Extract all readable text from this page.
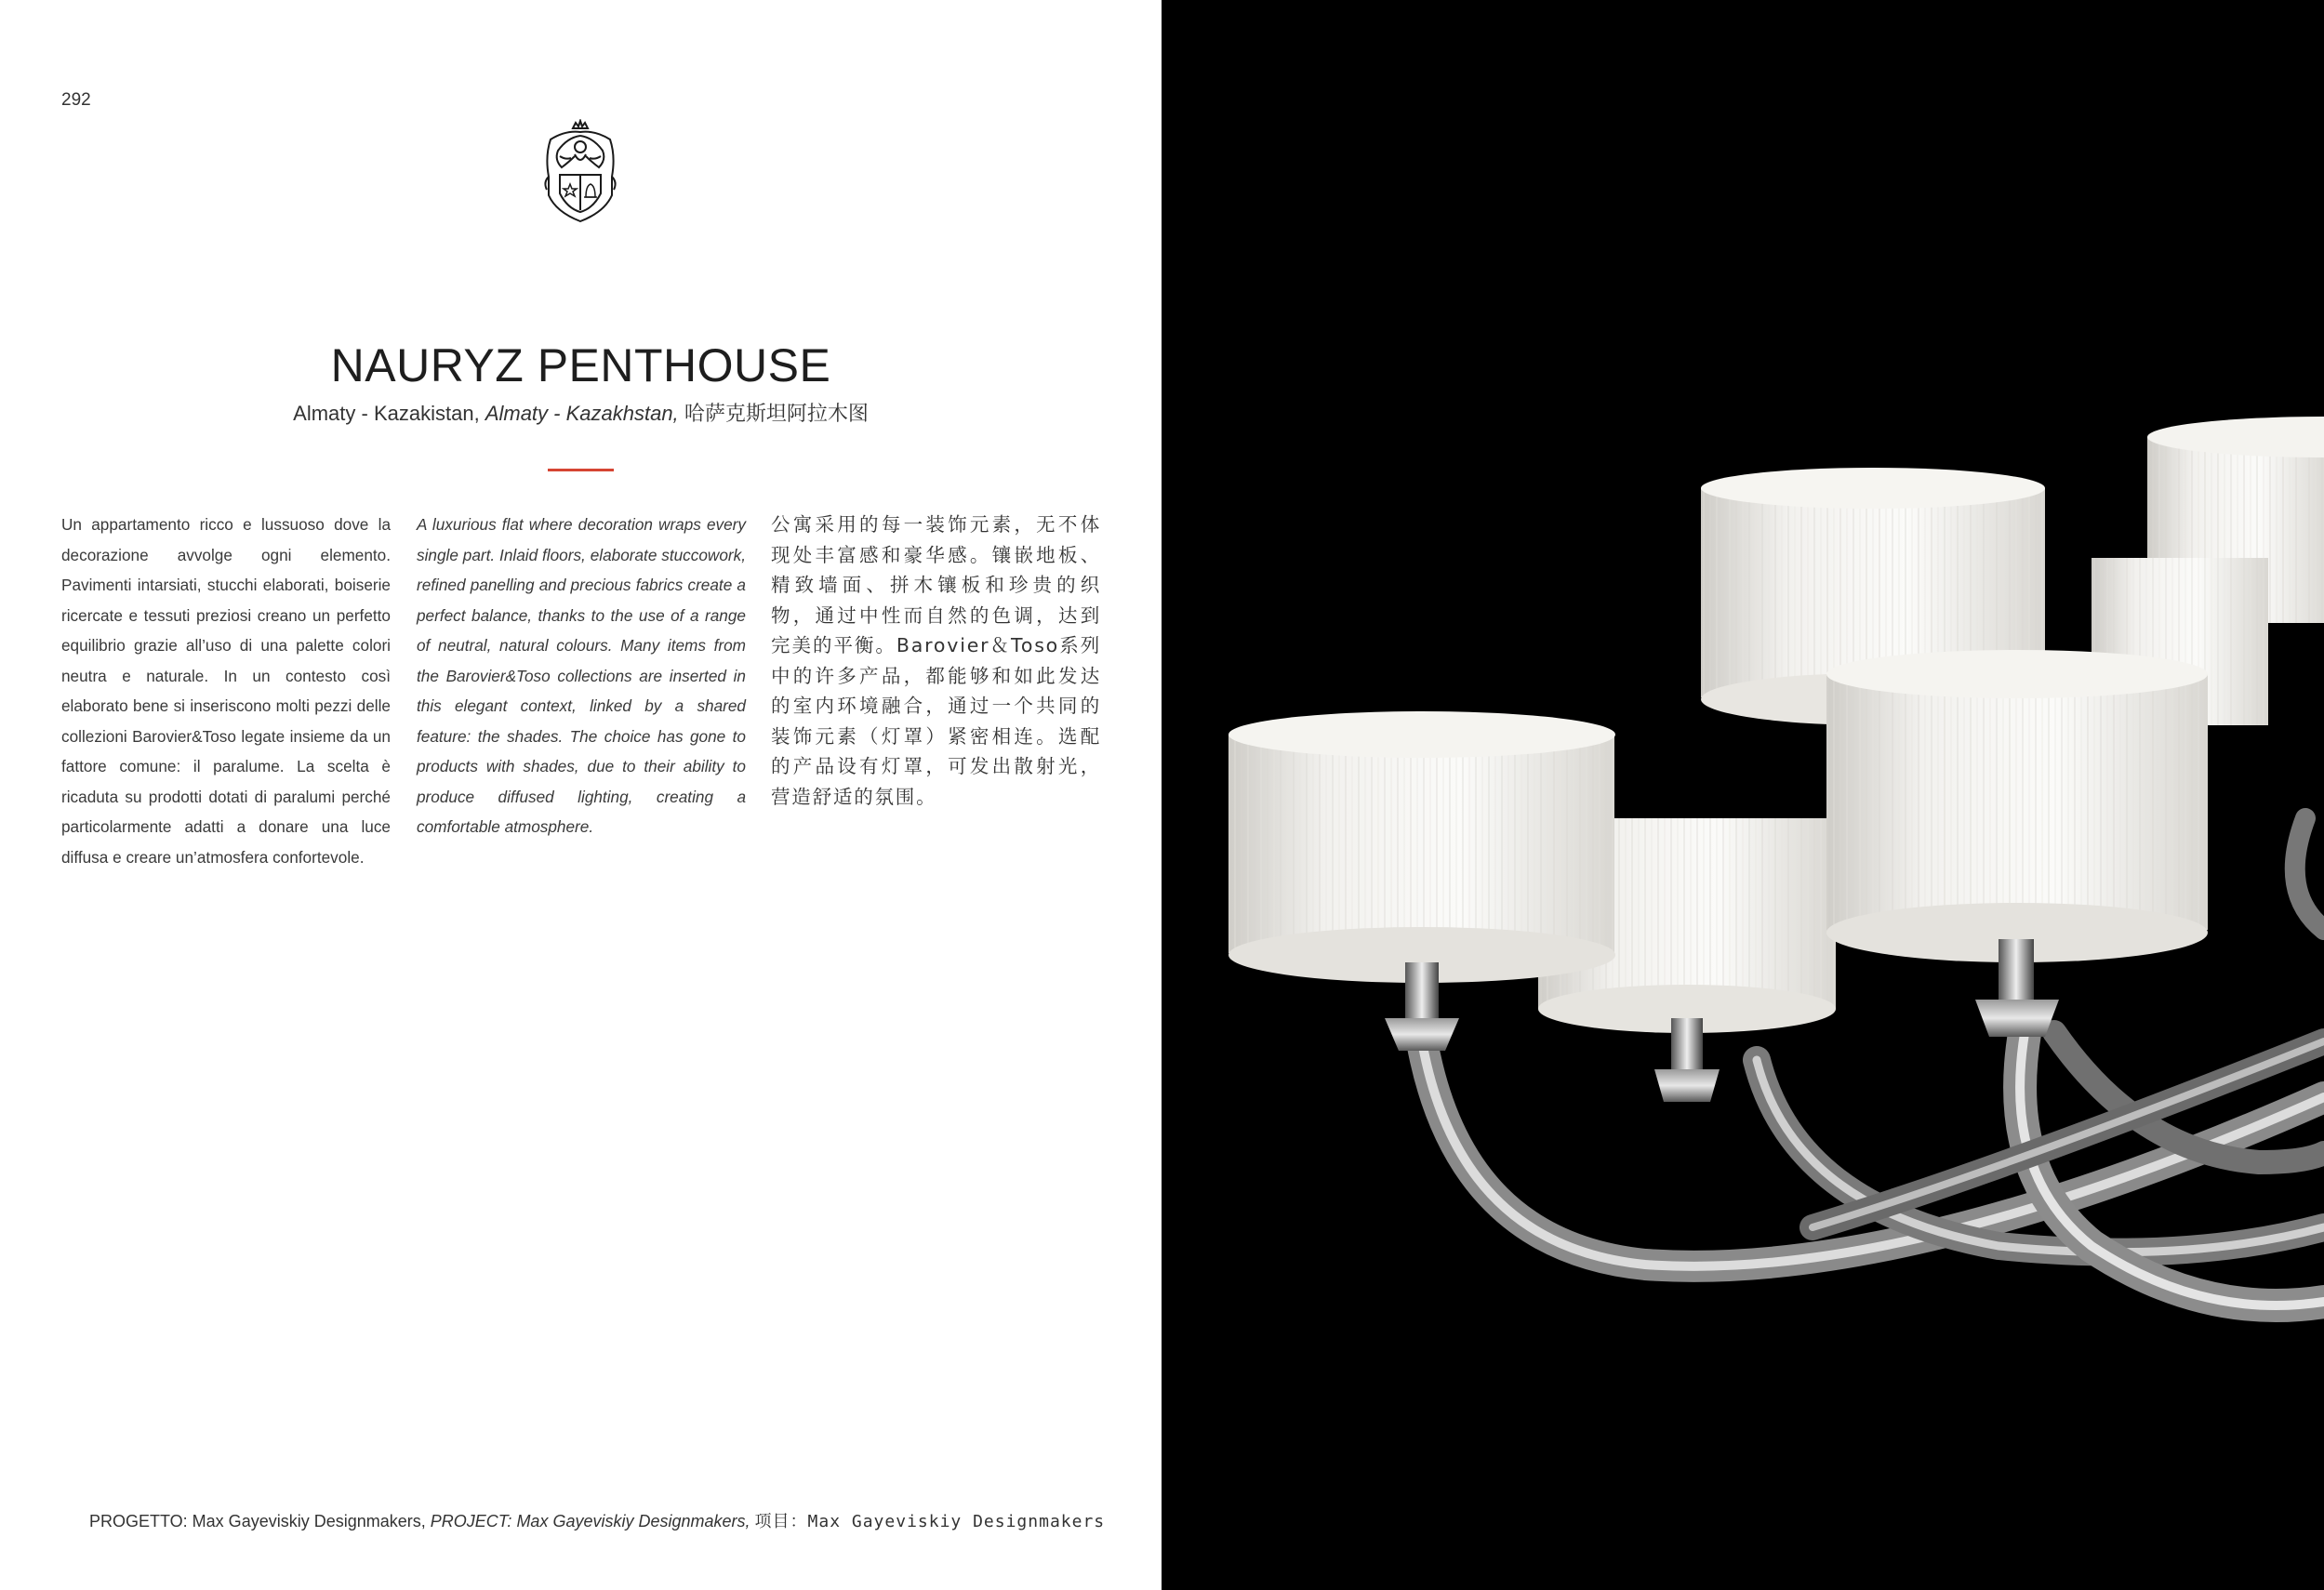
292
NAURYZ PENTHOUSE
Almaty - Kazakistan, Almaty - Kazakhstan, 哈萨克斯坦阿拉木图
Un appartamento ricco e lussuoso dove la decorazione avvolge ogni elemento. Pavimenti intarsiati, stucchi elaborati, boiserie ricercate e tessuti preziosi creano un perfetto equilibrio grazie all’uso di una palette colori neutra e naturale. In un contesto così elaborato bene si inseriscono molti pezzi delle collezioni Barovier&Toso legate insieme da un fattore comune: il paralume. La scelta è ricaduta su prodotti dotati di paralumi perché particolarmente adatti a donare una luce diffusa e creare un’atmosfera confortevole.
A luxurious flat where decoration wraps every single part. Inlaid floors, elaborate stuccowork, refined panelling and precious fabrics create a perfect balance, thanks to the use of a range of neutral, natural colours. Many items from the Barovier&Toso collections are inserted in this elegant context, linked by a shared feature: the shades. The choice has gone to products with shades, due to their ability to produce diffused lighting, creating a comfortable atmosphere.
公寓采用的每一装饰元素，无不体现处丰富感和豪华感。镶嵌地板、精致墙面、拼木镶板和珍贵的织物，通过中性而自然的色调，达到完美的平衡。Barovier＆Toso系列中的许多产品，都能够和如此发达的室内环境融合，通过一个共同的装饰元素（灯罩）紧密相连。选配的产品设有灯罩，可发出散射光，营造舒适的氛围。
PROGETTO: Max Gayeviskiy Designmakers, PROJECT: Max Gayeviskiy Designmakers, 项目：Max Gayeviskiy Designmakers
